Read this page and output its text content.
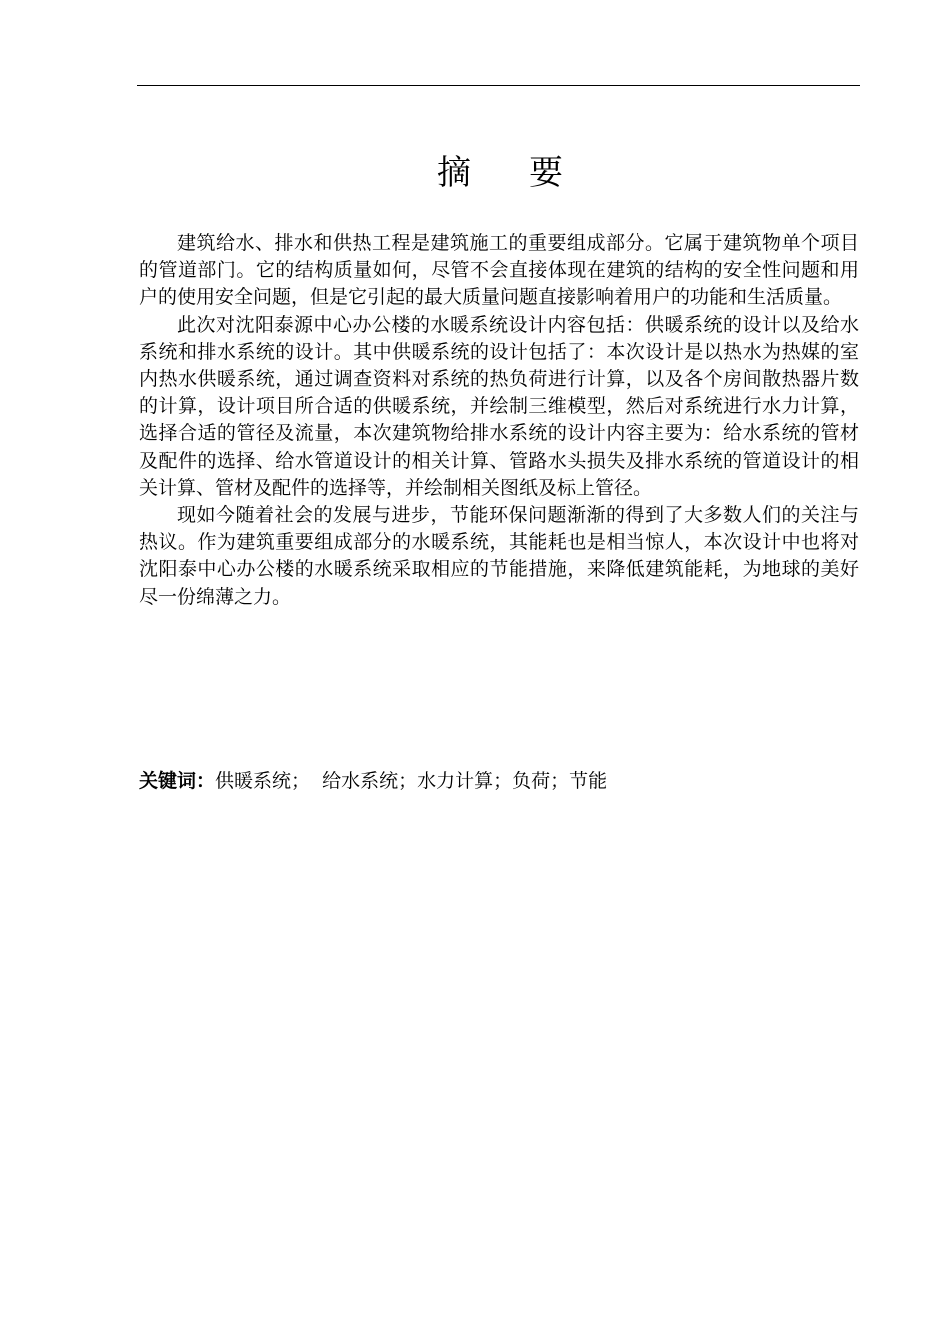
摘 要

建筑给水、排水和供热工程是建筑施工的重要组成部分。它属于建筑物单个项目的管道部门。它的结构质量如何，尽管不会直接体现在建筑的结构的安全性问题和用户的使用安全问题，但是它引起的最大质量问题直接影响着用户的功能和生活质量。

此次对沈阳泰源中心办公楼的水暖系统设计内容包括：供暖系统的设计以及给水系统和排水系统的设计。其中供暖系统的设计包括了：本次设计是以热水为热媒的室内热水供暖系统，通过调查资料对系统的热负荷进行计算，以及各个房间散热器片数的计算，设计项目所合适的供暖系统，并绘制三维模型，然后对系统进行水力计算，选择合适的管径及流量，本次建筑物给排水系统的设计内容主要为：给水系统的管材及配件的选择、给水管道设计的相关计算、管路水头损失及排水系统的管道设计的相关计算、管材及配件的选择等，并绘制相关图纸及标上管径。

现如今随着社会的发展与进步，节能环保问题渐渐的得到了大多数人们的关注与热议。作为建筑重要组成部分的水暖系统，其能耗也是相当惊人，本次设计中也将对沈阳泰中心办公楼的水暖系统采取相应的节能措施，来降低建筑能耗，为地球的美好尽一份绵薄之力。

关键词：供暖系统；  给水系统；水力计算；负荷；节能
